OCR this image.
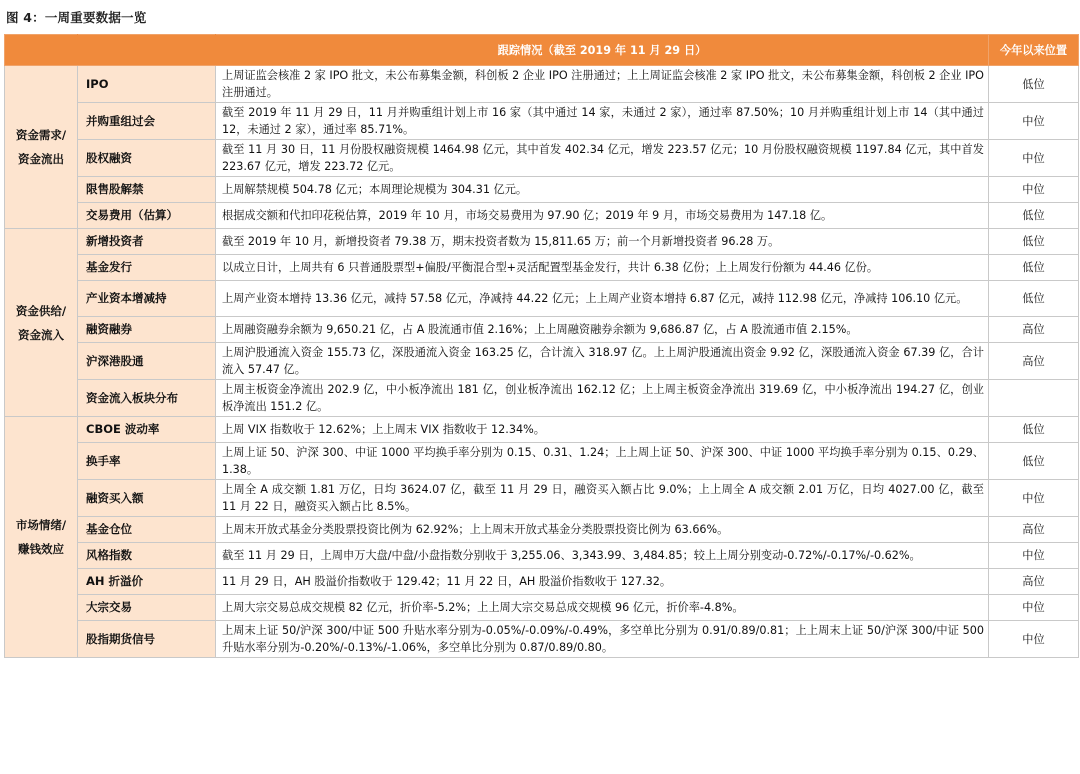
图 4：一周重要数据一览
		跟踪情况（截至 2019 年 11 月 29 日）	今年以来位置

资金需求/
资金流出	IPO	上周证监会核准 2 家 IPO 批文，未公布募集金额，科创板 2 企业 IPO 注册通过；上上周证监会核准 2 家 IPO 批文，未公布募集金额，科创板 2 企业 IPO 注册通过。	低位
	并购重组过会	截至 2019 年 11 月 29 日，11 月并购重组计划上市 16 家（其中通过 14 家，未通过 2 家），通过率 87.50%；10 月并购重组计划上市 14（其中通过 12，未通过 2 家），通过率 85.71%。	中位
	股权融资	截至 11 月 30 日，11 月份股权融资规模 1464.98 亿元，其中首发 402.34 亿元，增发 223.57 亿元；10 月份股权融资规模 1197.84 亿元，其中首发 223.67 亿元，增发 223.72 亿元。	中位
	限售股解禁	上周解禁规模 504.78 亿元；本周理论规模为 304.31 亿元。	中位
	交易费用（估算）	根据成交额和代扣印花税估算，2019 年 10 月，市场交易费用为 97.90 亿；2019 年 9 月，市场交易费用为 147.18 亿。	低位

资金供给/
资金流入	新增投资者	截至 2019 年 10 月，新增投资者 79.38 万，期末投资者数为 15,811.65 万；前一个月新增投资者 96.28 万。	低位
	基金发行	以成立日计，上周共有 6 只普通股票型+偏股/平衡混合型+灵活配置型基金发行，共计 6.38 亿份；上上周发行份额为 44.46 亿份。	低位
	产业资本增减持	上周产业资本增持 13.36 亿元，减持 57.58 亿元，净减持 44.22 亿元；上上周产业资本增持 6.87 亿元，减持 112.98 亿元，净减持 106.10 亿元。	低位
	融资融券	上周融资融券余额为 9,650.21 亿，占 A 股流通市值 2.16%；上上周融资融券余额为 9,686.87 亿，占 A 股流通市值 2.15%。	高位
	沪深港股通	上周沪股通流入资金 155.73 亿，深股通流入资金 163.25 亿，合计流入 318.97 亿。上上周沪股通流出资金 9.92 亿，深股通流入资金 67.39 亿，合计流入 57.47 亿。	高位
	资金流入板块分布	上周主板资金净流出 202.9 亿，中小板净流出 181 亿，创业板净流出 162.12 亿；上上周主板资金净流出 319.69 亿，中小板净流出 194.27 亿，创业板净流出 151.2 亿。	

市场情绪/
赚钱效应	CBOE 波动率	上周 VIX 指数收于 12.62%；上上周末 VIX 指数收于 12.34%。	低位
	换手率	上周上证 50、沪深 300、中证 1000 平均换手率分别为 0.15、0.31、1.24；上上周上证 50、沪深 300、中证 1000 平均换手率分别为 0.15、0.29、1.38。	低位
	融资买入额	上周全 A 成交额 1.81 万亿，日均 3624.07 亿，截至 11 月 29 日，融资买入额占比 9.0%；上上周全 A 成交额 2.01 万亿，日均 4027.00 亿，截至 11 月 22 日，融资买入额占比 8.5%。	中位
	基金仓位	上周末开放式基金分类股票投资比例为 62.92%；上上周末开放式基金分类股票投资比例为 63.66%。	高位
	风格指数	截至 11 月 29 日，上周申万大盘/中盘/小盘指数分别收于 3,255.06、3,343.99、3,484.85；较上上周分别变动-0.72%/-0.17%/-0.62%。	中位
	AH 折溢价	11 月 29 日，AH 股溢价指数收于 129.42；11 月 22 日，AH 股溢价指数收于 127.32。	高位
	大宗交易	上周大宗交易总成交规模 82 亿元，折价率-5.2%；上上周大宗交易总成交规模 96 亿元，折价率-4.8%。	中位
	股指期货信号	上周末上证 50/沪深 300/中证 500 升贴水率分别为-0.05%/-0.09%/-0.49%，多空单比分别为 0.91/0.89/0.81；上上周末上证 50/沪深 300/中证 500 升贴水率分别为-0.20%/-0.13%/-1.06%，多空单比分别为 0.87/0.89/0.80。	中位
